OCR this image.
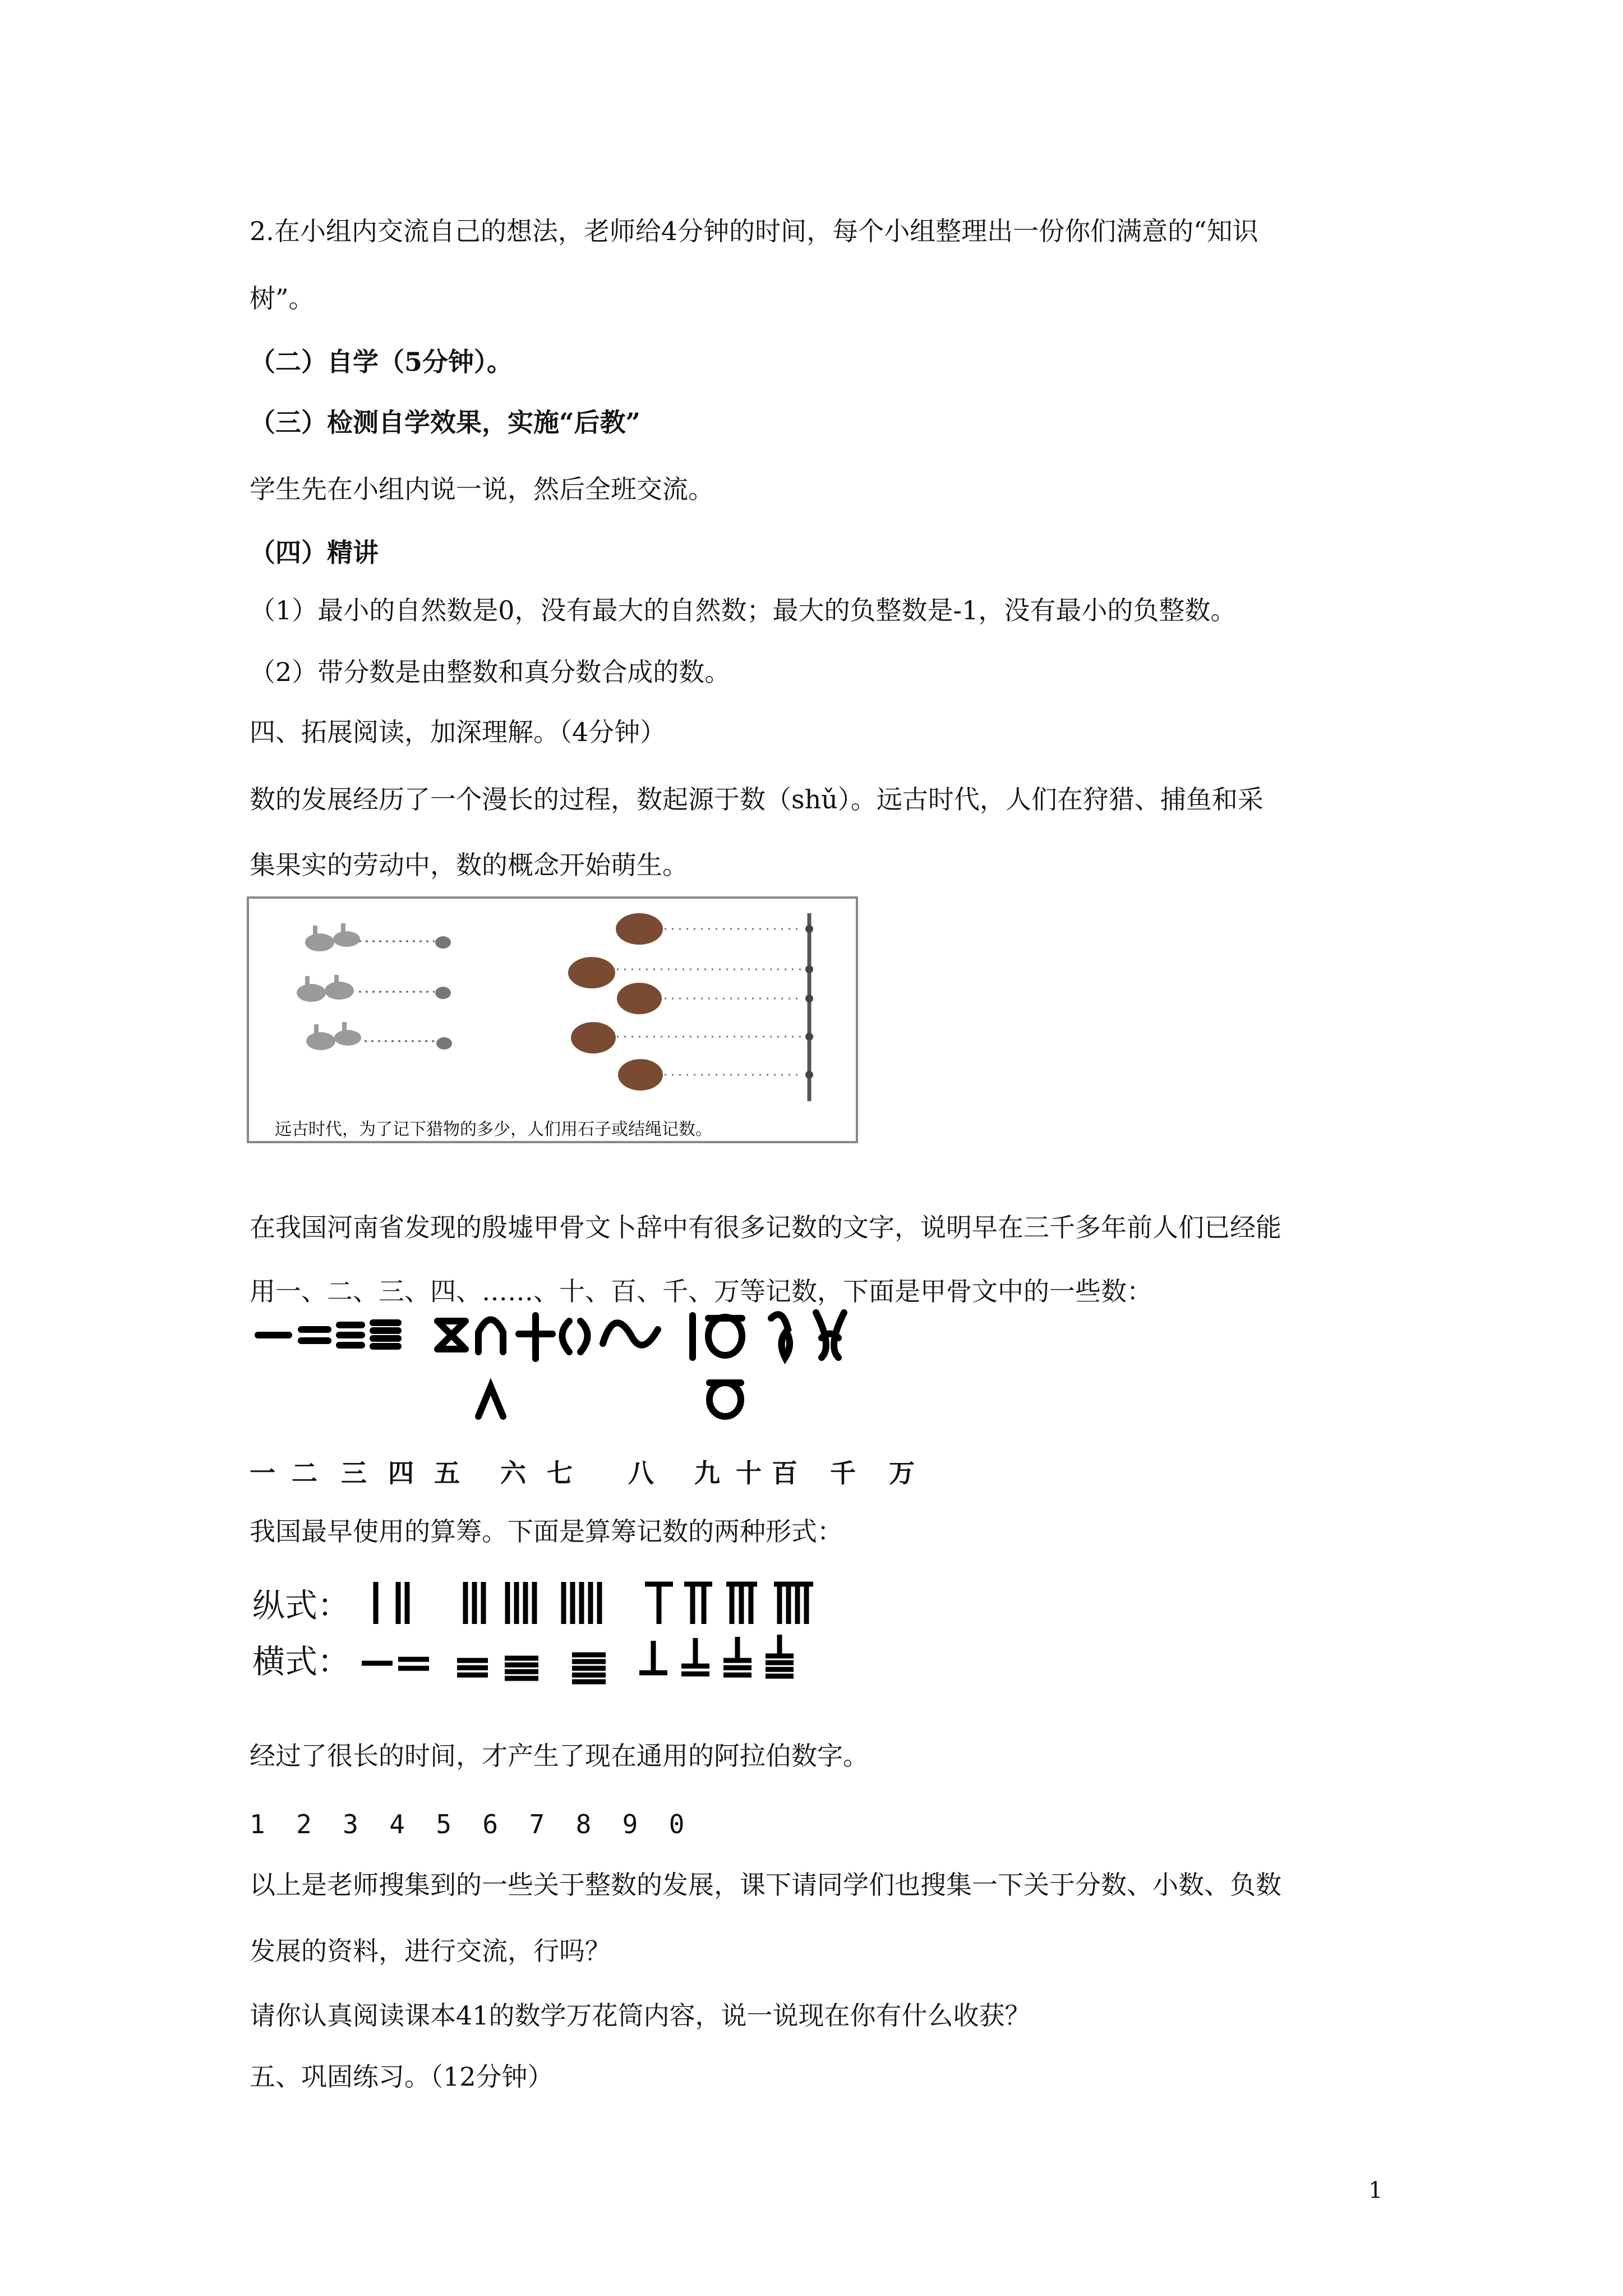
2.在小组内交流自己的想法，老师给4分钟的时间，每个小组整理出一份你们满意的“知识
树”。
（二）自学（5分钟）。
（三）检测自学效果，实施“后教”
学生先在小组内说一说，然后全班交流。
（四）精讲
（1）最小的自然数是0，没有最大的自然数；最大的负整数是-1，没有最小的负整数。
（2）带分数是由整数和真分数合成的数。
四、拓展阅读，加深理解。（4分钟）
数的发展经历了一个漫长的过程，数起源于数（shǔ）。远古时代，人们在狩猎、捕鱼和采
集果实的劳动中，数的概念开始萌生。
远古时代，为了记下猎物的多少，人们用石子或结绳记数。
在我国河南省发现的殷墟甲骨文卜辞中有很多记数的文字，说明早在三千多年前人们已经能
用一、二、三、四、……、十、百、千、万等记数，下面是甲骨文中的一些数：
一 二 三 四 五 六 七 八 九 十 百 千 万
我国最早使用的算筹。下面是算筹记数的两种形式：
纵式：
横式：
经过了很长的时间，才产生了现在通用的阿拉伯数字。
1  2  3  4  5  6  7  8  9  0
以上是老师搜集到的一些关于整数的发展，课下请同学们也搜集一下关于分数、小数、负数
发展的资料，进行交流，行吗？
请你认真阅读课本41的数学万花筒内容，说一说现在你有什么收获？
五、巩固练习。（12分钟）
1
